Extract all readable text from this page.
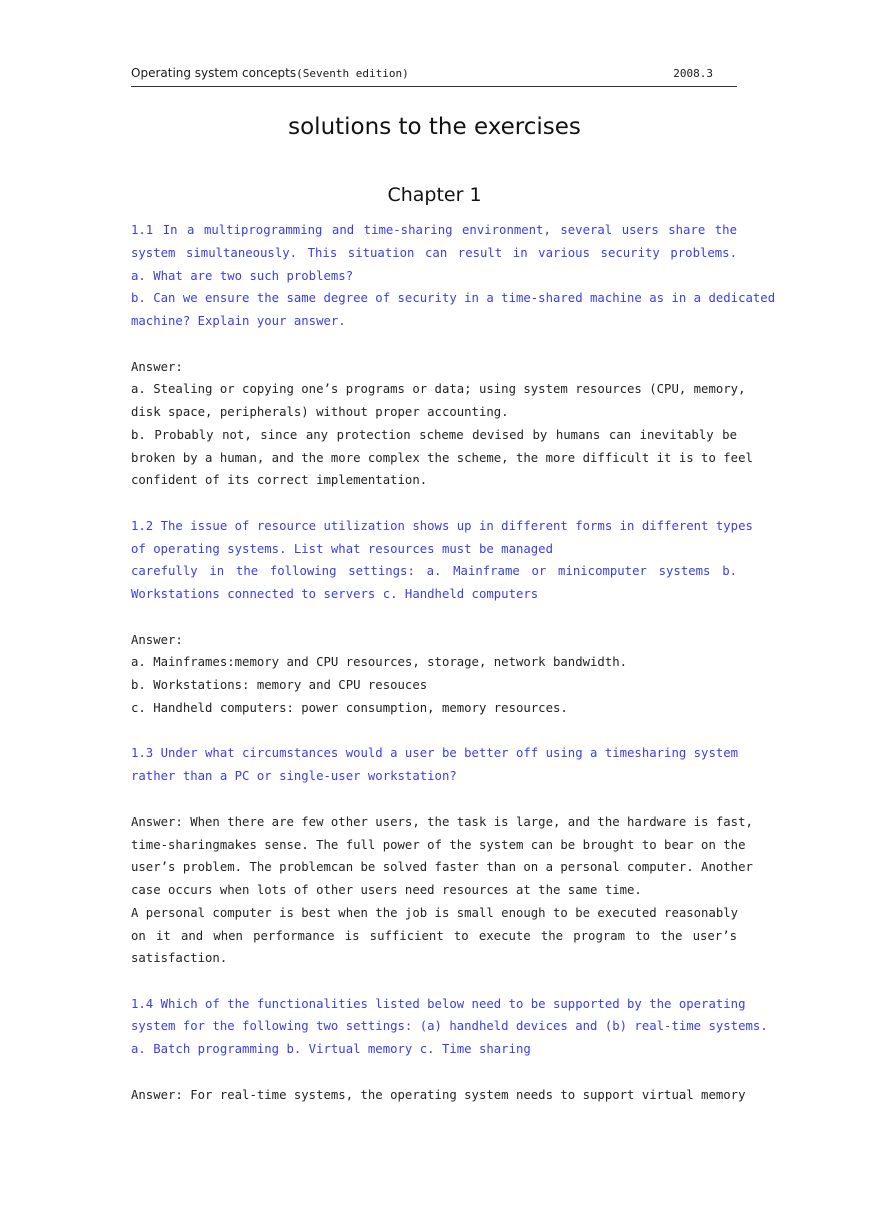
Operating system concepts(Seventh edition)	2008.3
solutions to the exercises
Chapter 1
1.1 In a multiprogramming and time-sharing environment, several users share the
system simultaneously. This situation can result in various security problems.
a. What are two such problems?
b. Can we ensure the same degree of security in a time-shared machine as in a dedicated
machine? Explain your answer.
Answer:
a. Stealing or copying one’s programs or data; using system resources (CPU, memory,
disk space, peripherals) without proper accounting.
b. Probably not, since any protection scheme devised by humans can inevitably be
broken by a human, and the more complex the scheme, the more difficult it is to feel
confident of its correct implementation.
1.2 The issue of resource utilization shows up in different forms in different types
of operating systems. List what resources must be managed
carefully in the following settings: a. Mainframe or minicomputer systems b.
Workstations connected to servers c. Handheld computers
Answer:
a. Mainframes:memory and CPU resources, storage, network bandwidth.
b. Workstations: memory and CPU resouces
c. Handheld computers: power consumption, memory resources.
1.3 Under what circumstances would a user be better off using a timesharing system
rather than a PC or single-user workstation?
Answer: When there are few other users, the task is large, and the hardware is fast,
time-sharingmakes sense. The full power of the system can be brought to bear on the
user’s problem. The problemcan be solved faster than on a personal computer. Another
case occurs when lots of other users need resources at the same time.
A personal computer is best when the job is small enough to be executed reasonably
on it and when performance is sufficient to execute the program to the user’s
satisfaction.
1.4 Which of the functionalities listed below need to be supported by the operating
system for the following two settings: (a) handheld devices and (b) real-time systems.
a. Batch programming b. Virtual memory c. Time sharing
Answer: For real-time systems, the operating system needs to support virtual memory
